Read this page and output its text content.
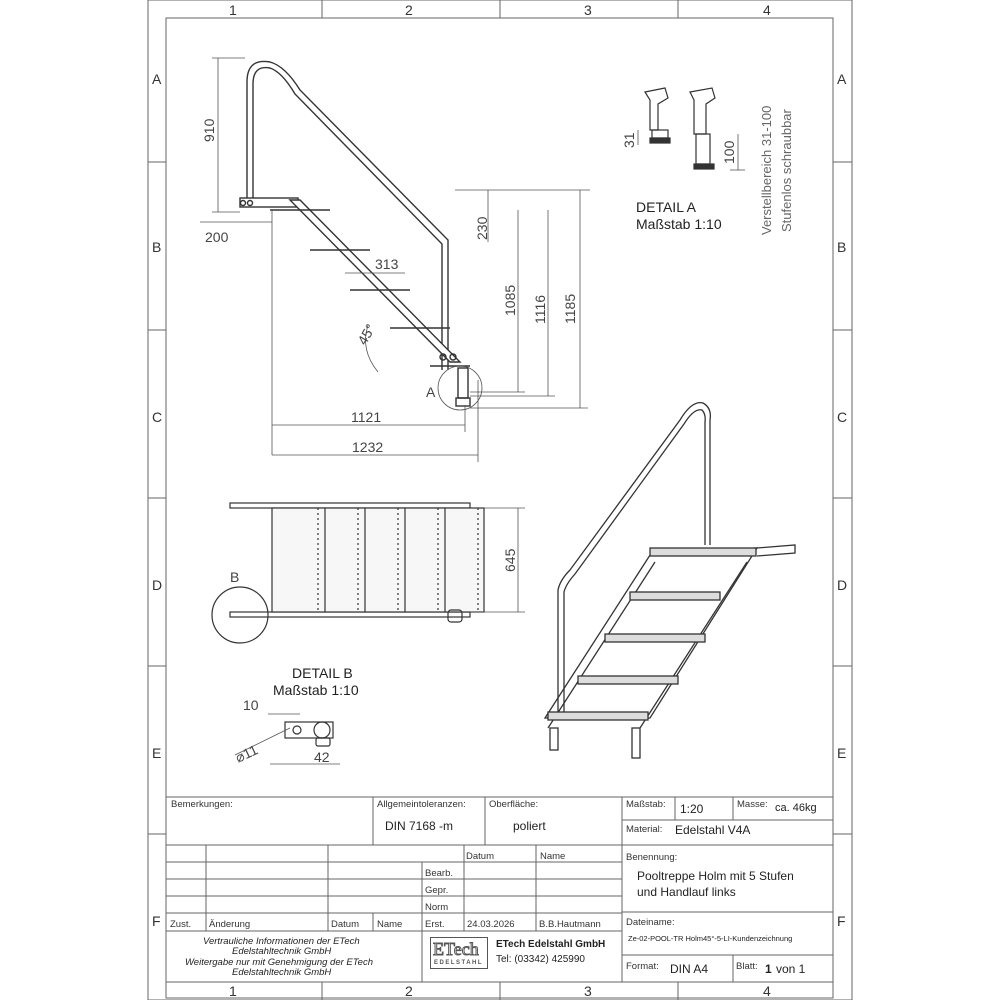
1	2	3	4
1	2	3	4
A
B
C
D
E
F
A
B
C
D
E
F
910
200	230
313
45°
1085 1116 1185
1121
1232
645
31
100
10
⌀11	42
A
B
DETAIL A
Maßstab 1:10	Verstellbereich 31-100 Stufenlos schraubbar
DETAIL B
Maßstab 1:10
Bemerkungen:	Allgemeintoleranzen:
DIN 7168 -m
Oberfläche:
poliert
Maßstab: 1:20	Masse: ca. 46kg
Material: Edelstahl V4A
Datum	Name
Bearb.
Gepr.
Norm
Erst. 24.03.2026	B.B.Hautmann
Zust. Änderung	Datum Name
Benennung:
Pooltreppe Holm mit 5 Stufen
und Handlauf links
Dateiname:
Ze-02-POOL-TR Holm45°-5-LI-Kundenzeichnung
Vertrauliche Informationen der ETech
Edelstahltechnik GmbH
Weitergabe nur mit Genehmigung der ETech
Edelstahltechnik GmbH
ETech
EDELSTAHL
ETech Edelstahl GmbH
Tel: (03342) 425990
Format: DIN A4	Blatt: 1 von 1
